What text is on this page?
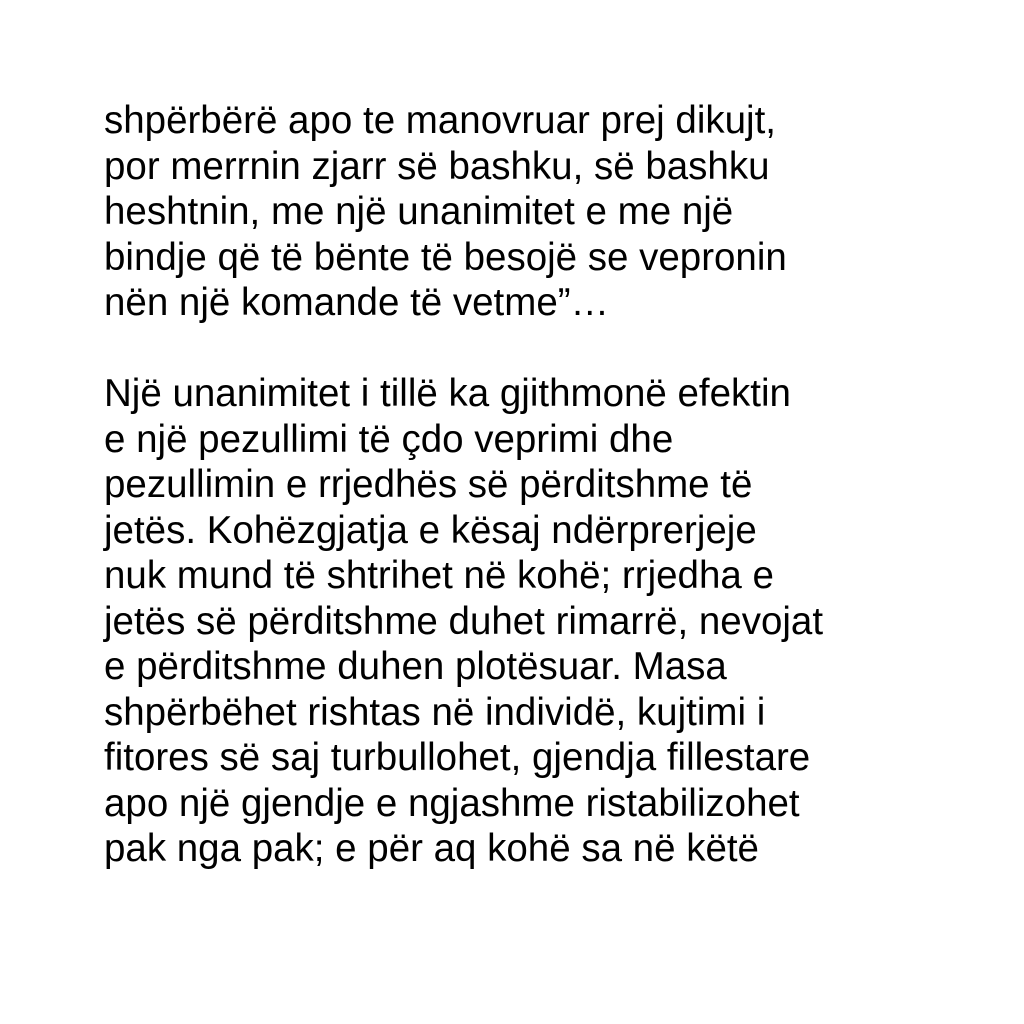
shpërbërë apo te manovruar prej dikujt,
por merrnin zjarr së bashku, së bashku
heshtnin, me një unanimitet e me një
bindje që të bënte të besojë se vepronin
nën një komande të vetme”…

Një unanimitet i tillë ka gjithmonë efektin
e një pezullimi të çdo veprimi dhe
pezullimin e rrjedhës së përditshme të
jetës. Kohëzgjatja e kësaj ndërprerjeje
nuk mund të shtrihet në kohë; rrjedha e
jetës së përditshme duhet rimarrë, nevojat
e përditshme duhen plotësuar. Masa
shpërbëhet rishtas në individë, kujtimi i
fitores së saj turbullohet, gjendja fillestare
apo një gjendje e ngjashme ristabilizohet
pak nga pak; e për aq kohë sa në këtë
